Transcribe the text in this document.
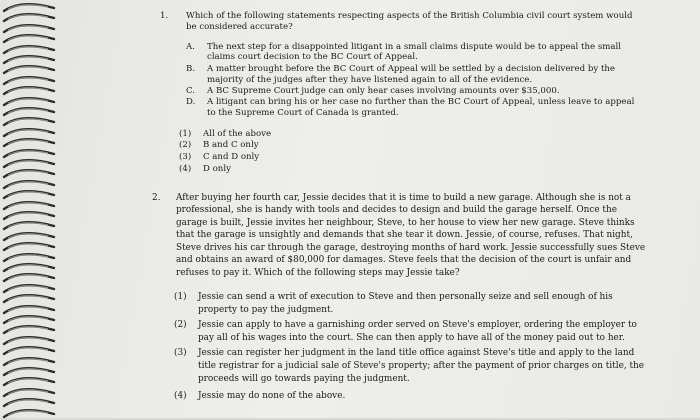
1. Which of the following statements respecting aspects of the British Columbia civil court system would
be considered accurate?
A. The next step for a disappointed litigant in a small claims dispute would be to appeal the small
claims court decision to the BC Court of Appeal.
B. A matter brought before the BC Court of Appeal will be settled by a decision delivered by the
majority of the judges after they have listened again to all of the evidence.
C. A BC Supreme Court judge can only hear cases involving amounts over $35,000.
D. A litigant can bring his or her case no further than the BC Court of Appeal, unless leave to appeal
to the Supreme Court of Canada is granted.
(1) All of the above
(2) B and C only
(3) C and D only
(4) D only
2. After buying her fourth car, Jessie decides that it is time to build a new garage. Although she is not a
professional, she is handy with tools and decides to design and build the garage herself. Once the
garage is built, Jessie invites her neighbour, Steve, to her house to view her new garage. Steve thinks
that the garage is unsightly and demands that she tear it down. Jessie, of course, refuses. That night,
Steve drives his car through the garage, destroying months of hard work. Jessie successfully sues Steve
and obtains an award of $80,000 for damages. Steve feels that the decision of the court is unfair and
refuses to pay it. Which of the following steps may Jessie take?
(1) Jessie can send a writ of execution to Steve and then personally seize and sell enough of his
property to pay the judgment.
(2) Jessie can apply to have a garnishing order served on Steve's employer, ordering the employer to
pay all of his wages into the court. She can then apply to have all of the money paid out to her.
(3) Jessie can register her judgment in the land title office against Steve's title and apply to the land
title registrar for a judicial sale of Steve's property; after the payment of prior charges on title, the
proceeds will go towards paying the judgment.
(4) Jessie may do none of the above.
